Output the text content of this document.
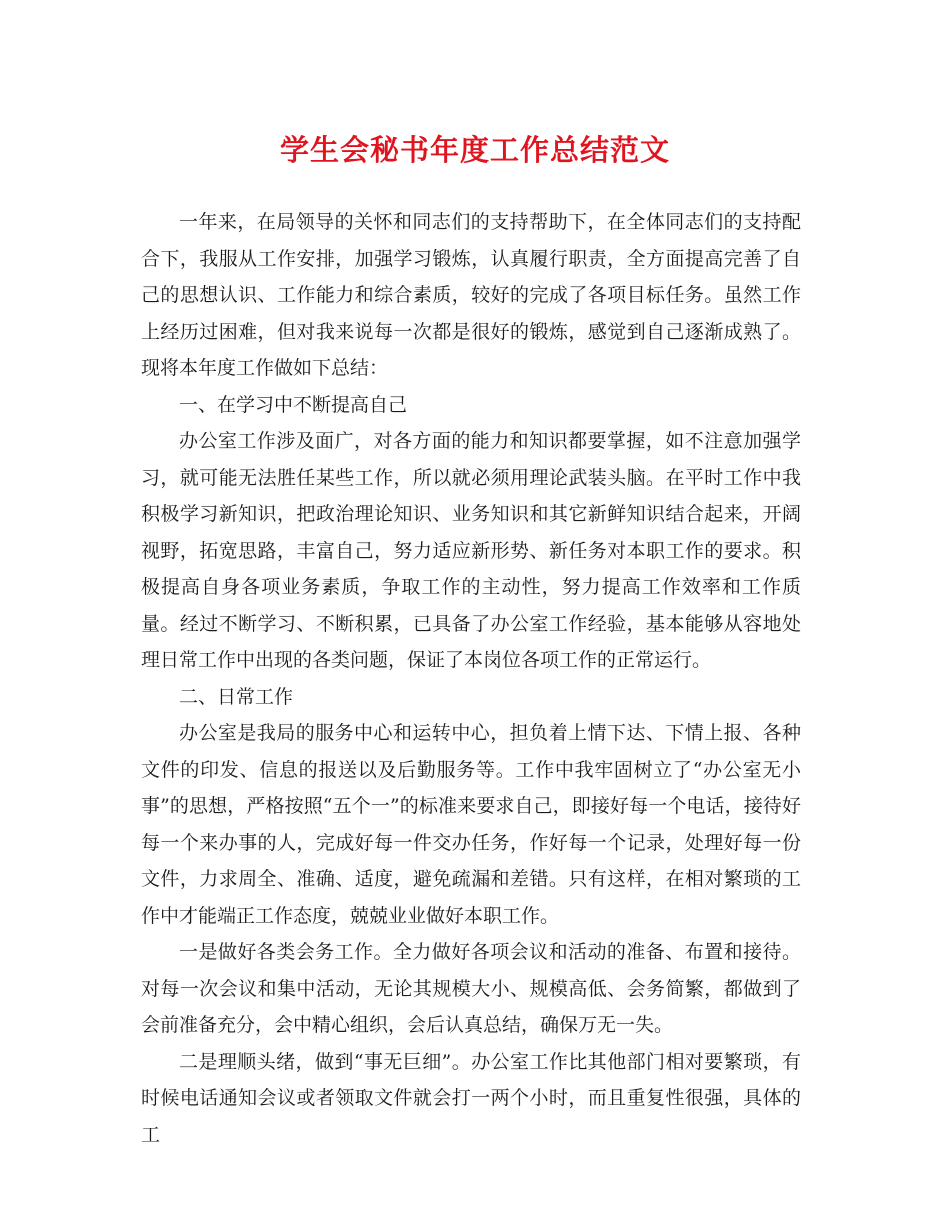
学生会秘书年度工作总结范文

一年来，在局领导的关怀和同志们的支持帮助下，在全体同志们的支持配合下，我服从工作安排，加强学习锻炼，认真履行职责，全方面提高完善了自己的思想认识、工作能力和综合素质，较好的完成了各项目标任务。虽然工作上经历过困难，但对我来说每一次都是很好的锻炼，感觉到自己逐渐成熟了。现将本年度工作做如下总结：

一、在学习中不断提高自己

办公室工作涉及面广，对各方面的能力和知识都要掌握，如不注意加强学习，就可能无法胜任某些工作，所以就必须用理论武装头脑。在平时工作中我积极学习新知识，把政治理论知识、业务知识和其它新鲜知识结合起来，开阔视野，拓宽思路，丰富自己，努力适应新形势、新任务对本职工作的要求。积极提高自身各项业务素质，争取工作的主动性，努力提高工作效率和工作质量。经过不断学习、不断积累，已具备了办公室工作经验，基本能够从容地处理日常工作中出现的各类问题，保证了本岗位各项工作的正常运行。

二、日常工作

办公室是我局的服务中心和运转中心，担负着上情下达、下情上报、各种文件的印发、信息的报送以及后勤服务等。工作中我牢固树立了“办公室无小事”的思想，严格按照“五个一”的标准来要求自己，即接好每一个电话，接待好每一个来办事的人，完成好每一件交办任务，作好每一个记录，处理好每一份文件，力求周全、准确、适度，避免疏漏和差错。只有这样，在相对繁琐的工作中才能端正工作态度，兢兢业业做好本职工作。

一是做好各类会务工作。全力做好各项会议和活动的准备、布置和接待。对每一次会议和集中活动，无论其规模大小、规模高低、会务简繁，都做到了会前准备充分，会中精心组织，会后认真总结，确保万无一失。

二是理顺头绪，做到“事无巨细”。办公室工作比其他部门相对要繁琐，有时候电话通知会议或者领取文件就会打一两个小时，而且重复性很强，具体的工
